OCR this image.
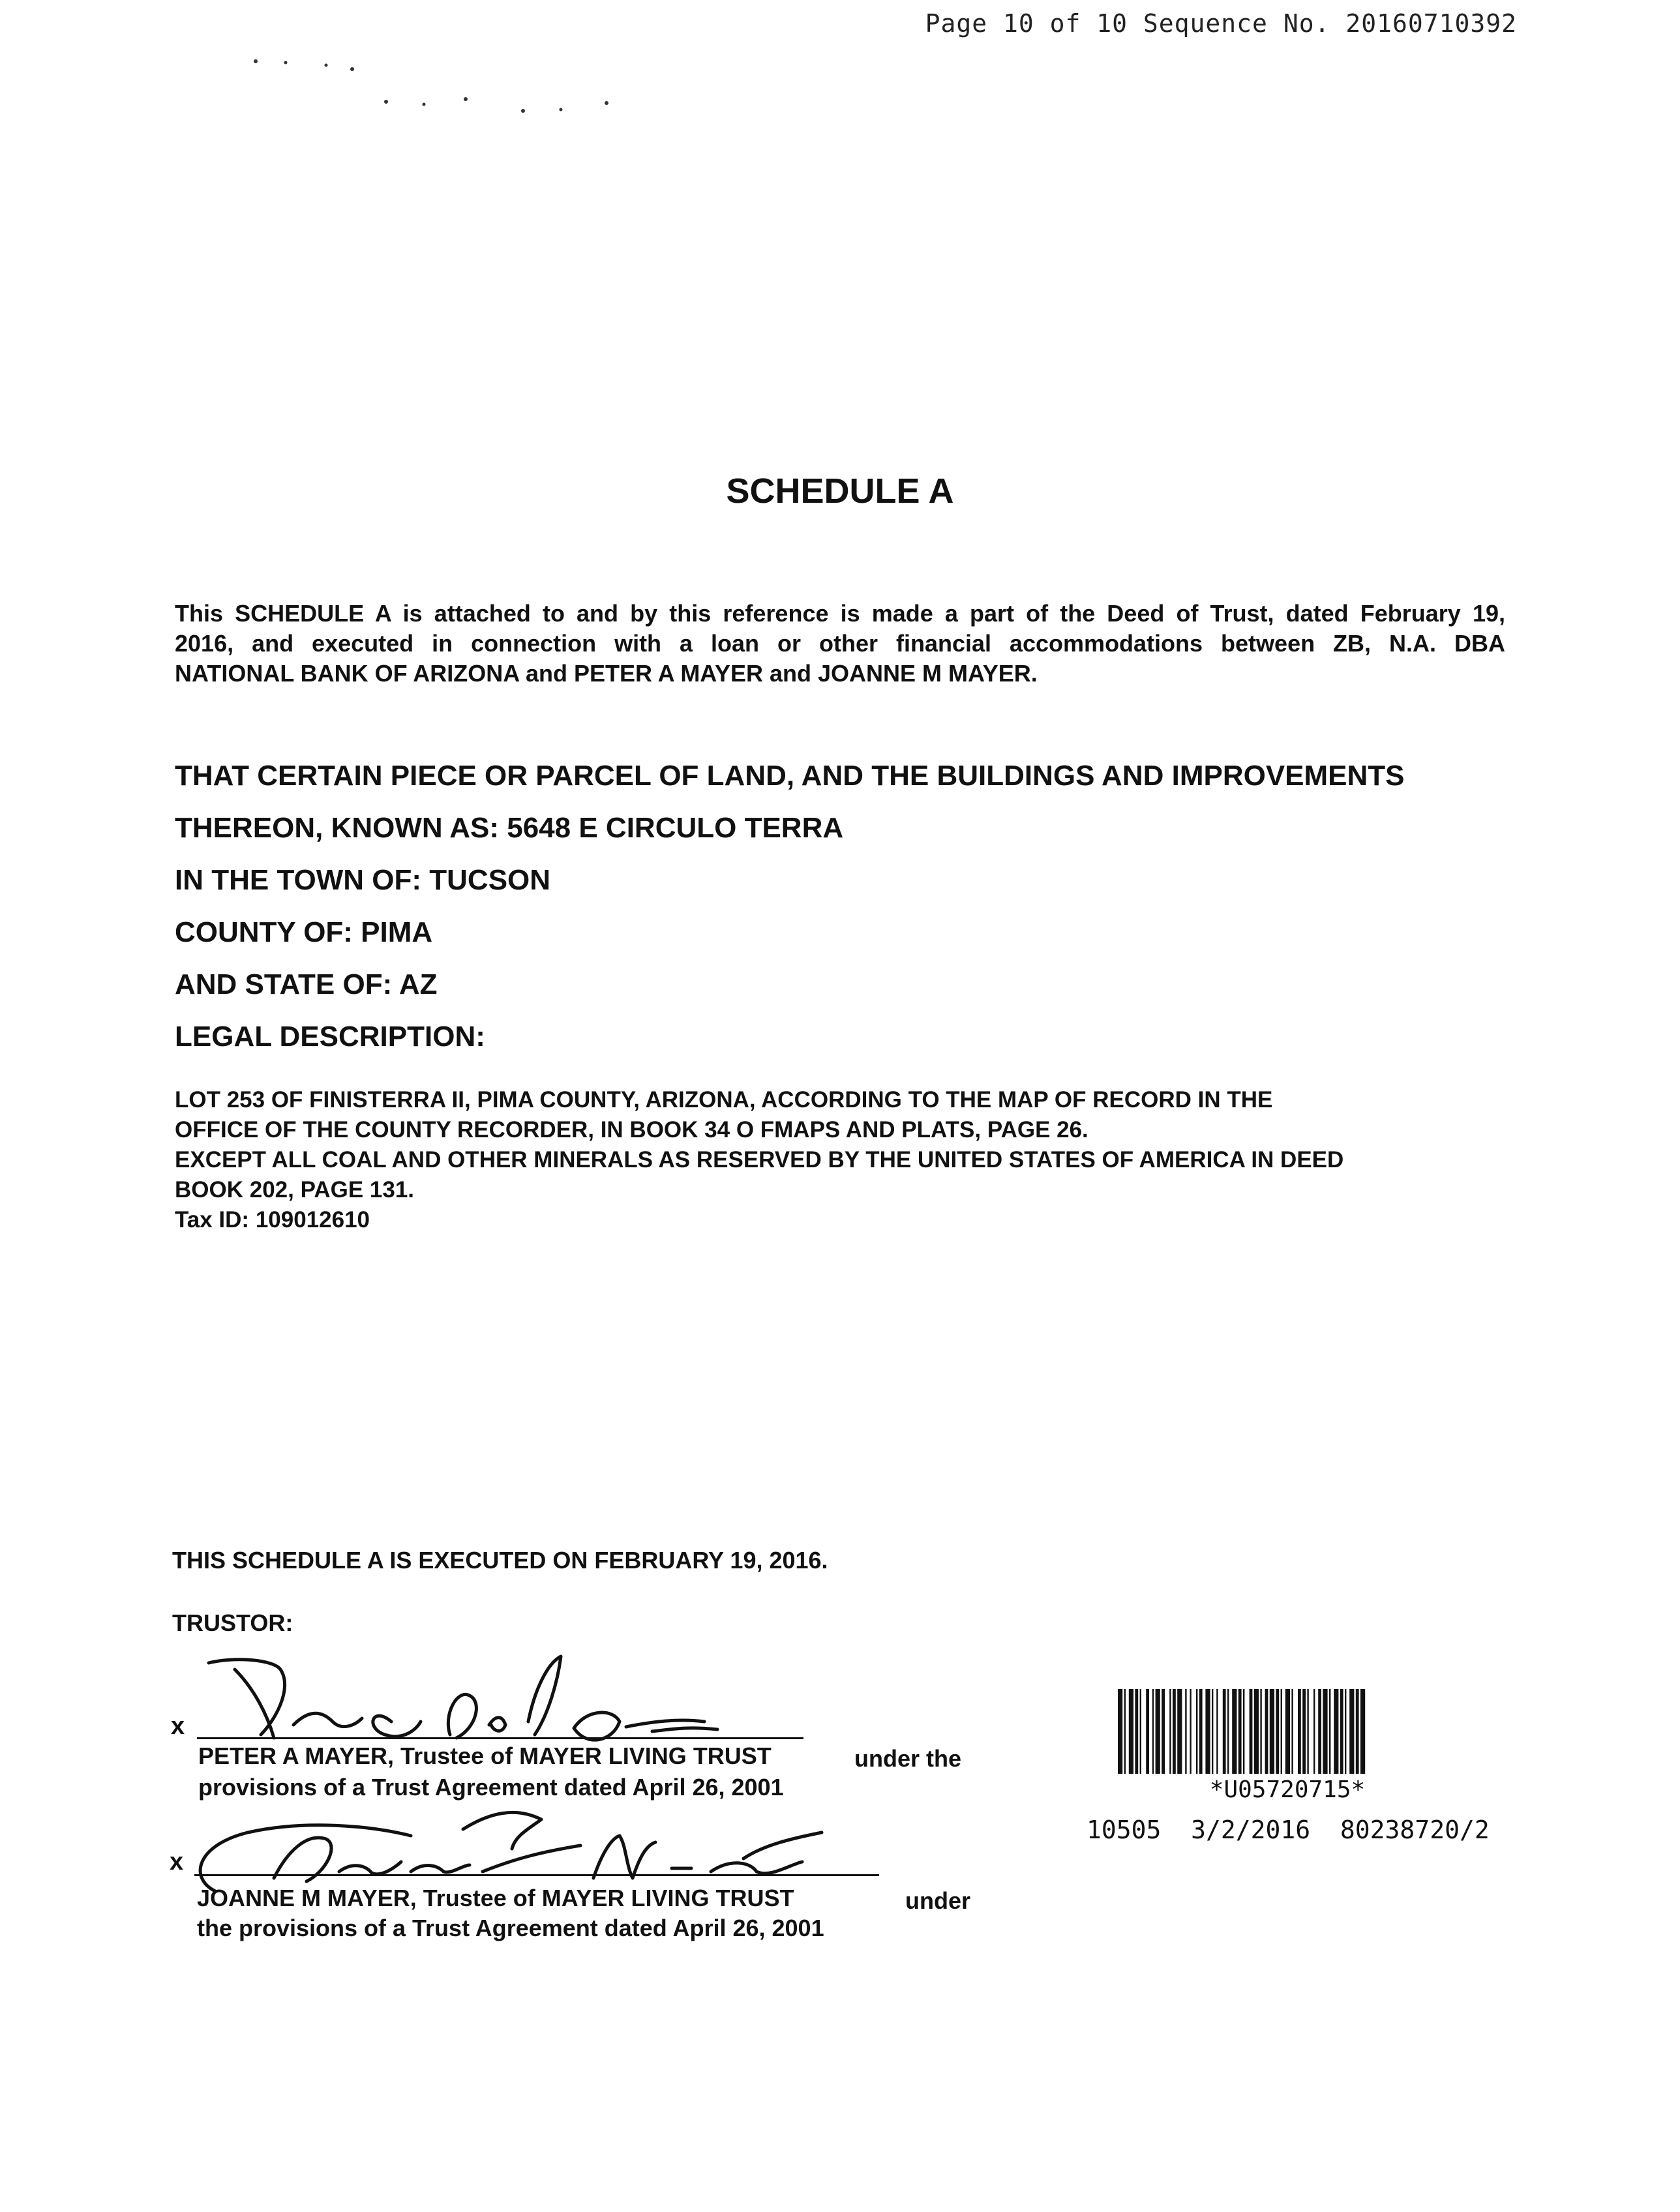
Page 10 of 10 Sequence No. 20160710392
SCHEDULE A
This SCHEDULE A is attached to and by this reference is made a part of the Deed of Trust, dated February 19,
2016, and executed in connection with a loan or other financial accommodations between ZB, N.A. DBA
NATIONAL BANK OF ARIZONA and PETER A MAYER and JOANNE M MAYER.
THAT CERTAIN PIECE OR PARCEL OF LAND, AND THE BUILDINGS AND IMPROVEMENTS
THEREON, KNOWN AS: 5648 E CIRCULO TERRA
IN THE TOWN OF: TUCSON
COUNTY OF: PIMA
AND STATE OF: AZ
LEGAL DESCRIPTION:
LOT 253 OF FINISTERRA II, PIMA COUNTY, ARIZONA, ACCORDING TO THE MAP OF RECORD IN THE
OFFICE OF THE COUNTY RECORDER, IN BOOK 34 O FMAPS AND PLATS, PAGE 26.
EXCEPT ALL COAL AND OTHER MINERALS AS RESERVED BY THE UNITED STATES OF AMERICA IN DEED
BOOK 202, PAGE 131.
Tax ID: 109012610
THIS SCHEDULE A IS EXECUTED ON FEBRUARY 19, 2016.
TRUSTOR:
x
PETER A MAYER, Trustee of MAYER LIVING TRUST	under the
provisions of a Trust Agreement dated April 26, 2001
x
JOANNE M MAYER, Trustee of MAYER LIVING TRUST	under
the provisions of a Trust Agreement dated April 26, 2001
*U05720715*
10505  3/2/2016  80238720/2
